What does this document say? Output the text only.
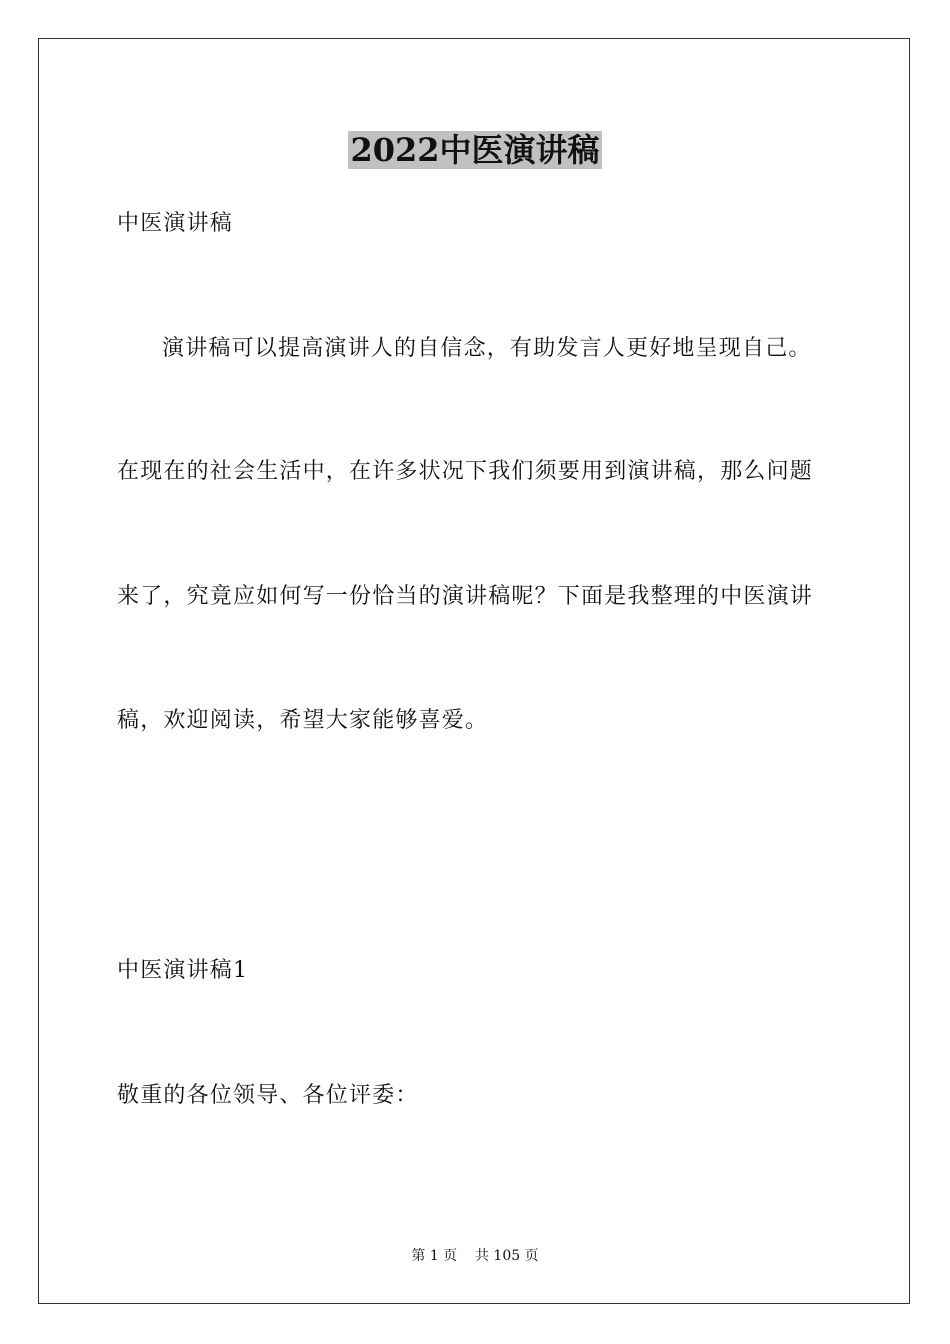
2022中医演讲稿

中医演讲稿

演讲稿可以提高演讲人的自信念，有助发言人更好地呈现自己。

在现在的社会生活中，在许多状况下我们须要用到演讲稿，那么问题

来了，究竟应如何写一份恰当的演讲稿呢？下面是我整理的中医演讲

稿，欢迎阅读，希望大家能够喜爱。

中医演讲稿1

敬重的各位领导、各位评委：

第 1 页    共 105 页
